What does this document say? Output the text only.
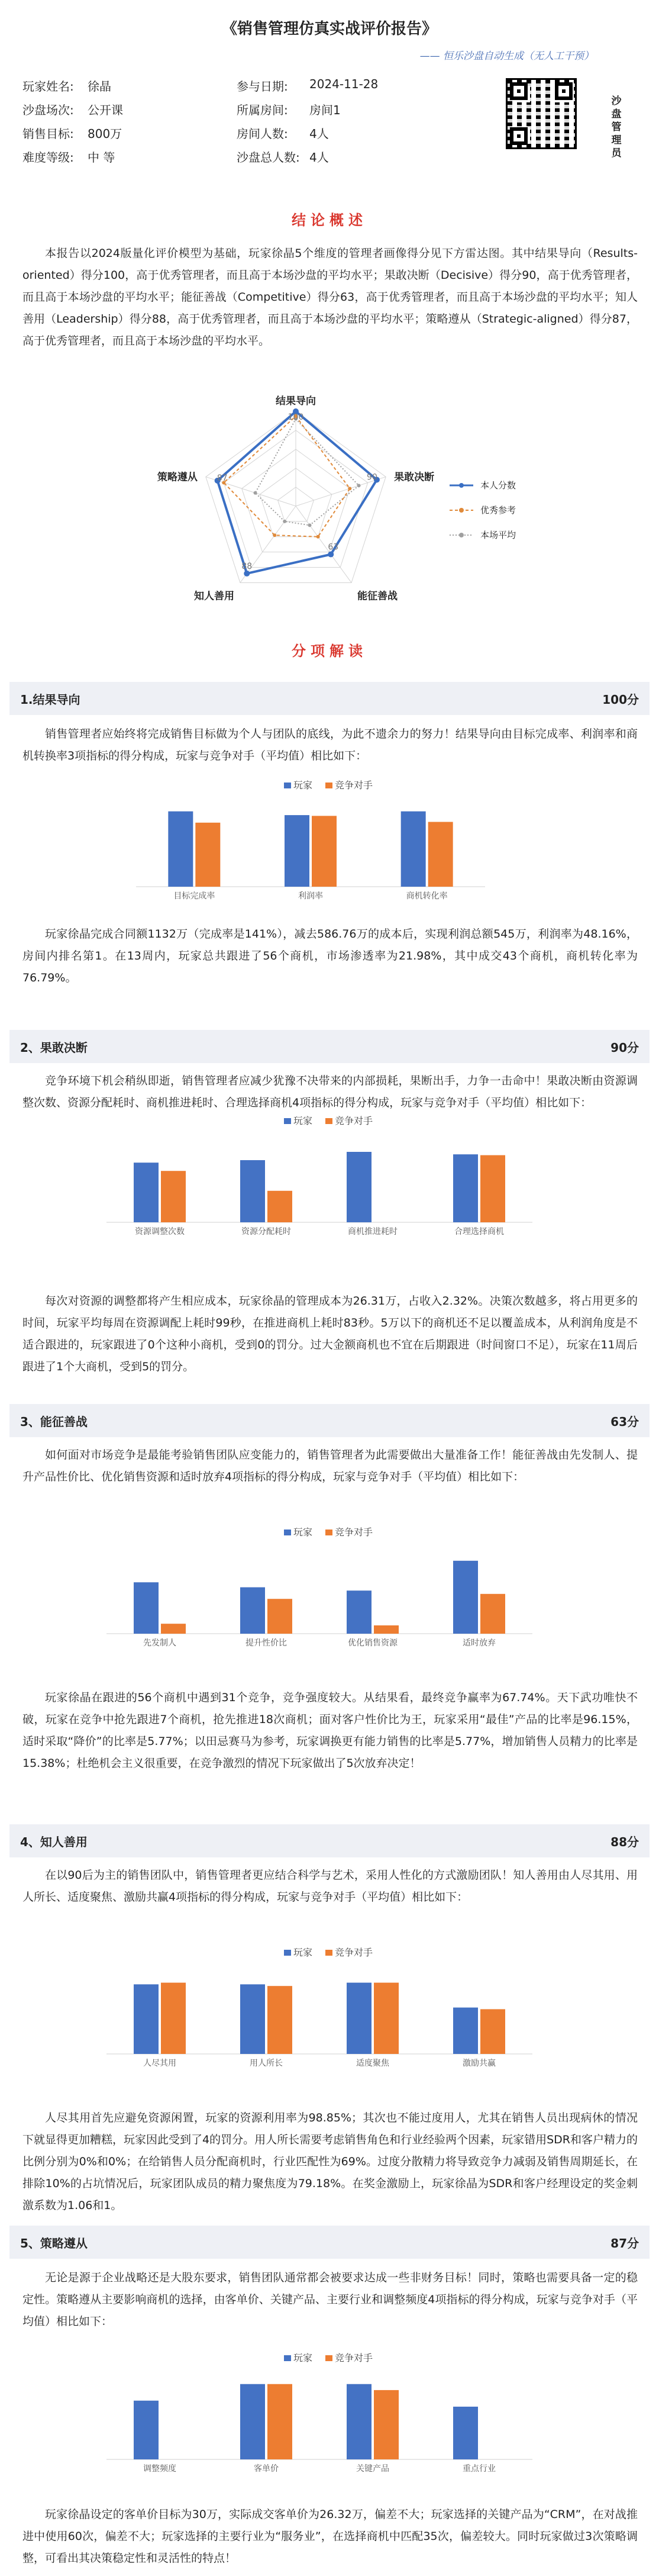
《销售管理仿真实战评价报告》
—— 恒乐沙盘自动生成（无人工干预）
玩家姓名: 徐晶	参与日期: 2024-11-28
沙盘场次: 公开课	所属房间: 房间1
销售目标: 800万	房间人数: 4人
难度等级: 中 等	沙盘总人数: 4人
沙盘管理员
结论概述
本报告以2024版量化评价模型为基础，玩家徐晶5个维度的管理者画像得分见下方雷达图。其中结果导向（Results-oriented）得分100，高于优秀管理者，而且高于本场沙盘的平均水平；果敢决断（Decisive）得分90，高于优秀管理者，而且高于本场沙盘的平均水平；能征善战（Competitive）得分63，高于优秀管理者，而且高于本场沙盘的平均水平；知人善用（Leadership）得分88，高于优秀管理者，而且高于本场沙盘的平均水平；策略遵从（Strategic-aligned）得分87，高于优秀管理者，而且高于本场沙盘的平均水平。
结果导向
果敢决断
能征善战
知人善用
策略遵从
100
90
63
88
87
本人分数
优秀参考
本场平均
分项解读
1.结果导向	100分
销售管理者应始终将完成销售目标做为个人与团队的底线，为此不遗余力的努力！结果导向由目标完成率、利润率和商机转换率3项指标的得分构成，玩家与竞争对手（平均值）相比如下：
玩家徐晶完成合同额1132万（完成率是141%），减去586.76万的成本后，实现利润总额545万，利润率为48.16%，房间内排名第1。在13周内，玩家总共跟进了56个商机，市场渗透率为21.98%，其中成交43个商机，商机转化率为76.79%。
玩家 竞争对手
目标完成率	利润率	商机转化率
2、果敢决断	90分
竞争环境下机会稍纵即逝，销售管理者应减少犹豫不决带来的内部损耗，果断出手，力争一击命中！果敢决断由资源调整次数、资源分配耗时、商机推进耗时、合理选择商机4项指标的得分构成，玩家与竞争对手（平均值）相比如下：
每次对资源的调整都将产生相应成本，玩家徐晶的管理成本为26.31万，占收入2.32%。决策次数越多，将占用更多的时间，玩家平均每周在资源调配上耗时99秒，在推进商机上耗时83秒。5万以下的商机还不足以覆盖成本，从利润角度是不适合跟进的，玩家跟进了0个这种小商机，受到0的罚分。过大金额商机也不宜在后期跟进（时间窗口不足），玩家在11周后跟进了1个大商机，受到5的罚分。
玩家 竞争对手
资源调整次数	资源分配耗时	商机推进耗时	合理选择商机
3、能征善战	63分
如何面对市场竞争是最能考验销售团队应变能力的，销售管理者为此需要做出大量准备工作！能征善战由先发制人、提升产品性价比、优化销售资源和适时放弃4项指标的得分构成，玩家与竞争对手（平均值）相比如下：
玩家徐晶在跟进的56个商机中遇到31个竞争，竞争强度较大。从结果看，最终竞争赢率为67.74%。天下武功唯快不破，玩家在竞争中抢先跟进7个商机，抢先推进18次商机；面对客户性价比为王，玩家采用“最佳”产品的比率是96.15%，适时采取“降价”的比率是5.77%；以田忌赛马为参考，玩家调换更有能力销售的比率是5.77%，增加销售人员精力的比率是15.38%；杜绝机会主义很重要，在竞争激烈的情况下玩家做出了5次放弃决定！
玩家 竞争对手
先发制人	提升性价比	优化销售资源	适时放弃
4、知人善用	88分
在以90后为主的销售团队中，销售管理者更应结合科学与艺术，采用人性化的方式激励团队！知人善用由人尽其用、用人所长、适度聚焦、激励共赢4项指标的得分构成，玩家与竞争对手（平均值）相比如下：
人尽其用首先应避免资源闲置，玩家的资源利用率为98.85%；其次也不能过度用人，尤其在销售人员出现病休的情况下就显得更加糟糕，玩家因此受到了4的罚分。用人所长需要考虑销售角色和行业经验两个因素，玩家错用SDR和客户精力的比例分别为0%和0%；在给销售人员分配商机时，行业匹配性为69%。过度分散精力将导致竞争力减弱及销售周期延长，在排除10%的占坑情况后，玩家团队成员的精力聚焦度为79.18%。在奖金激励上，玩家徐晶为SDR和客户经理设定的奖金刺激系数为1.06和1。
玩家 竞争对手
人尽其用	用人所长	适度聚焦	激励共赢
5、策略遵从	87分
无论是源于企业战略还是大股东要求，销售团队通常都会被要求达成一些非财务目标！同时，策略也需要具备一定的稳定性。策略遵从主要影响商机的选择，由客单价、关键产品、主要行业和调整频度4项指标的得分构成，玩家与竞争对手（平均值）相比如下：
玩家徐晶设定的客单价目标为30万，实际成交客单价为26.32万，偏差不大；玩家选择的关键产品为“CRM”，在对战推进中使用60次，偏差不大；玩家选择的主要行业为“服务业”，在选择商机中匹配35次，偏差较大。同时玩家做过3次策略调整，可看出其决策稳定性和灵活性的特点！
玩家 竞争对手
调整频度	客单价	关键产品	重点行业
